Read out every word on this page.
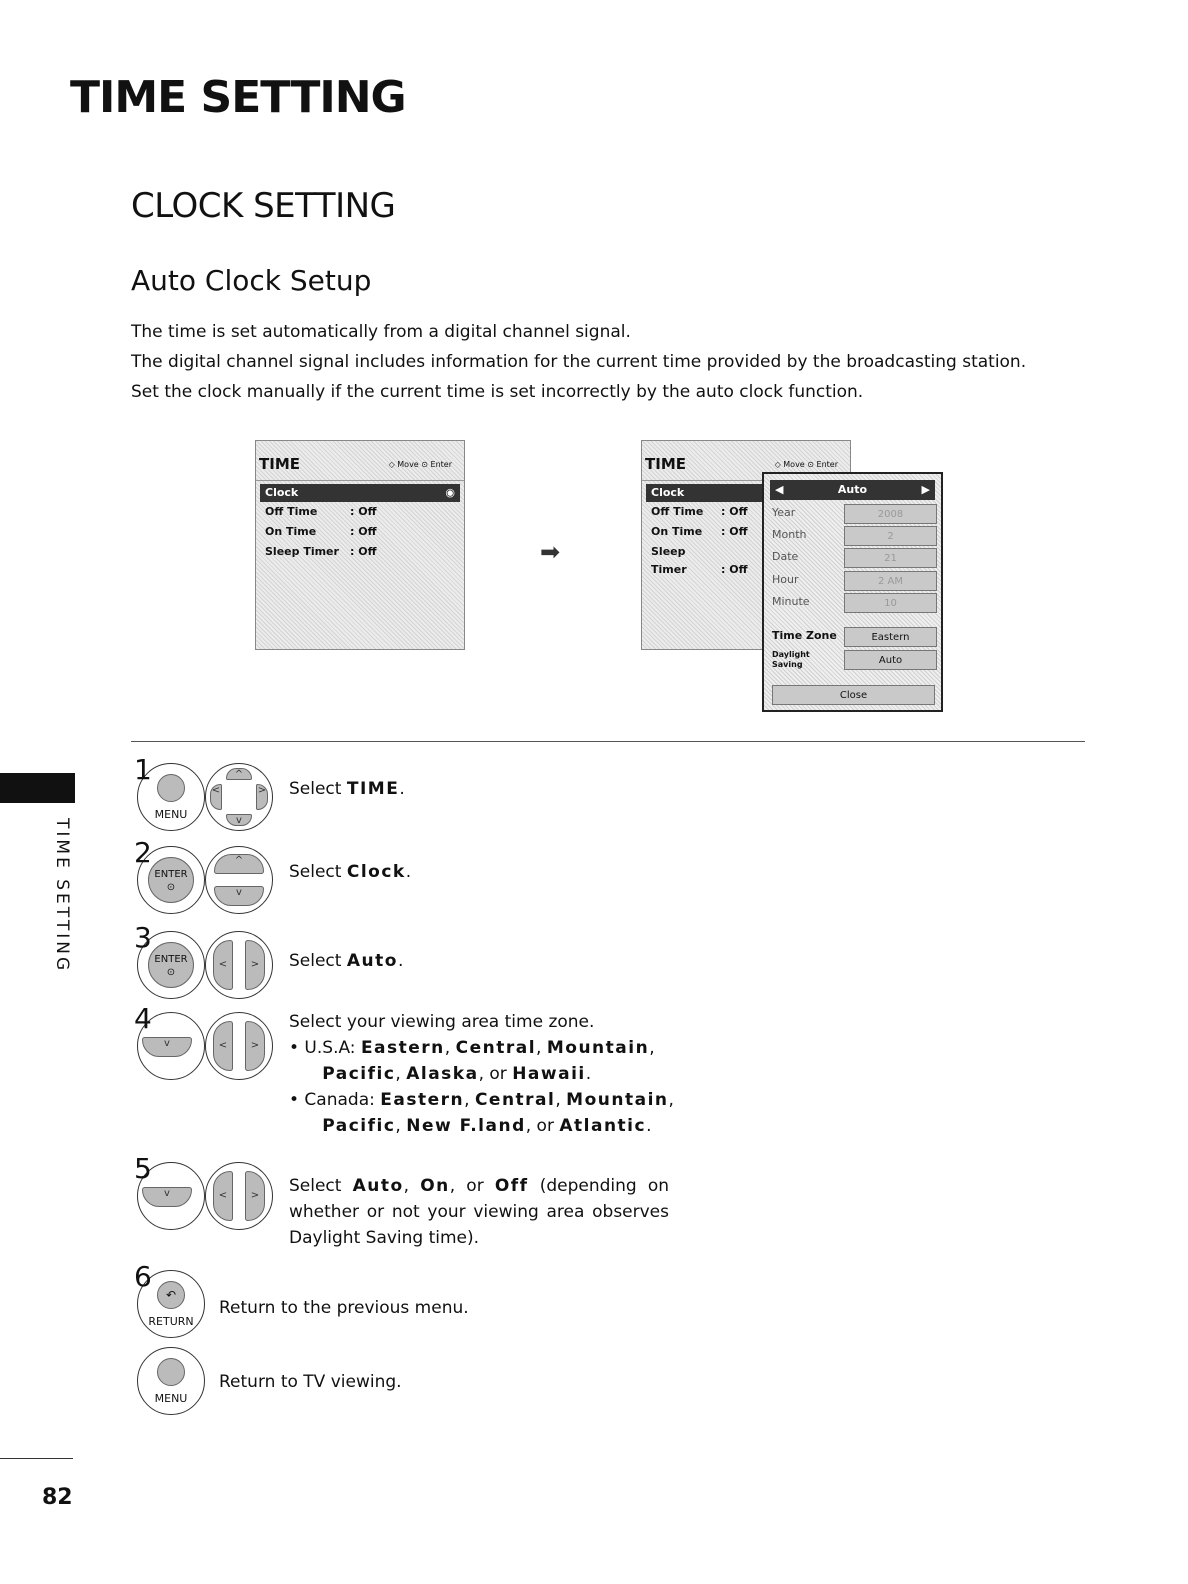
TIME SETTING
CLOCK SETTING
Auto Clock Setup
The time is set automatically from a digital channel signal.
The digital channel signal includes information for the current time provided by the broadcasting station.
Set the clock manually if the current time is set incorrectly by the auto clock function.
TIME	◇ Move ⊙ Enter
Clock	◉
Off Time	: Off
On Time	: Off
Sleep Timer : Off	➡
TIME	◇ Move ⊙ Enter
Clock
Off Time : Off
On Time : Off
Sleep Timer	: Off
◀	Auto	▶
Year	2008
Month	2
Date	21
Hour	2 AM
Minute	10
Time Zone	Eastern
Daylight
Saving	Auto
Close
TIME SETTING
MENU
^
v
<	>
1
Select TIME.
ENTER
⊙
^
v
2
Select Clock.
ENTER
⊙
<	>
3
Select Auto.
v	<	>
4	Select your viewing area time zone.
• U.S.A: Eastern, Central, Mountain,
Pacific, Alaska, or Hawaii.
• Canada: Eastern, Central, Mountain,
Pacific, New F.land, or Atlantic.
v	<	>
5
Select Auto, On, or Off (depending on
whether or not your viewing area observes
Daylight Saving time).
↶
RETURN
6
Return to the previous menu.
MENU
Return to TV viewing.
82
